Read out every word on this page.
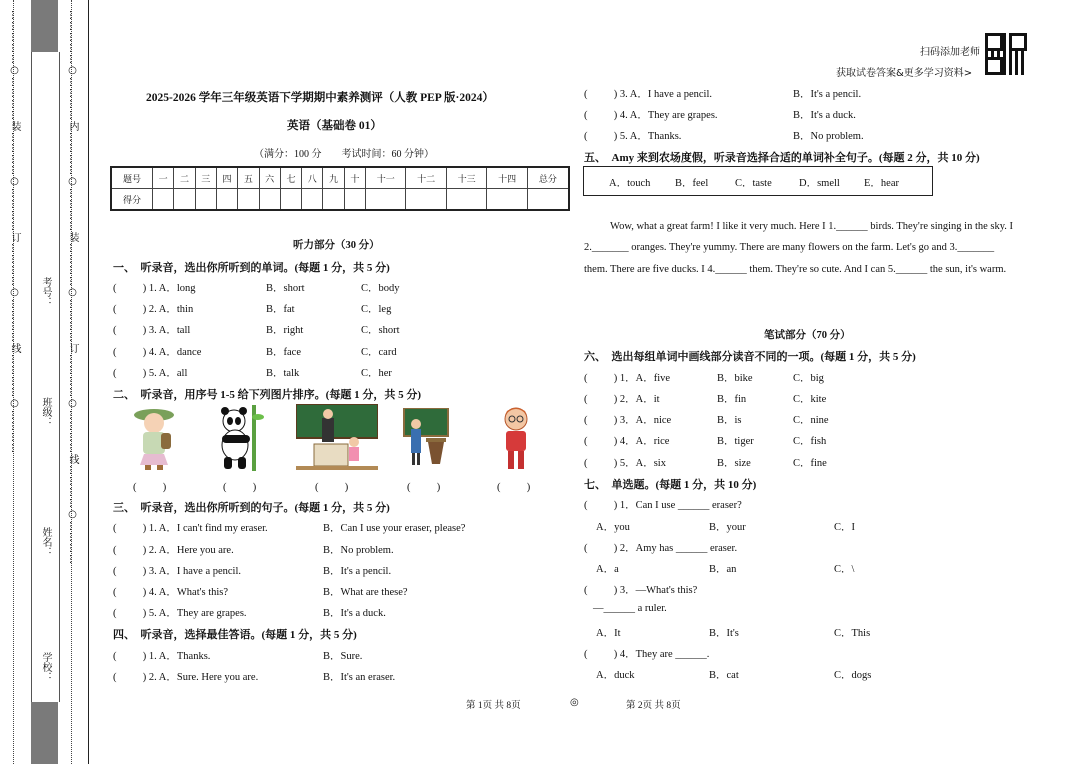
……………○…………装…………○…………订…………○…………线…………○…………
学校：
姓名：
班级：
考号： ……………○…………内…………○…………装…………○…………订…………○…………线…………○…………	扫码添加老师
获取试卷答案&更多学习资料>
2025-2026 学年三年级英语下学期期中素养测评（人教 PEP 版·2024）
英语（基础卷 01）
（满分：100 分　　考试时间：60 分钟）
题号	一	二	三	四	五	六	七	八	九	十	十一	十二	十三	十四	总分
得分															
听力部分（30 分）
一、　听录音，选出你所听到的单词。(每题 1 分，共 5 分)
( 　　 ) 1. A．long	B．short	C．body
( 　　 ) 2. A．thin	B．fat	C．leg
( 　　 ) 3. A．tall	B．right	C．short
( 　　 ) 4. A．dance	B．face	C．card
( 　　 ) 5. A．all	B．talk	C．her
二、　听录音，用序号 1-5 给下列图片排序。(每题 1 分，共 5 分)
( 　　 )	( 　　 )	( 　　 )	( 　　 )	( 　　 )
三、　听录音，选出你所听到的句子。(每题 1 分，共 5 分)
( 　　 ) 1. A．I can't find my eraser.	B．Can I use your eraser, please?
( 　　 ) 2. A．Here you are.	B．No problem.
( 　　 ) 3. A．I have a pencil.	B．It's a pencil.
( 　　 ) 4. A．What's this?	B．What are these?
( 　　 ) 5. A．They are grapes.	B．It's a duck.
四、　听录音，选择最佳答语。(每题 1 分，共 5 分)
( 　　 ) 1. A．Thanks.	B．Sure.
( 　　 ) 2. A．Sure. Here you are.	B．It's an eraser.
( 　　 ) 3. A．I have a pencil.	B．It's a pencil.
( 　　 ) 4. A．They are grapes.	B．It's a duck.
( 　　 ) 5. A．Thanks.	B．No problem.
五、　Amy 来到农场度假，听录音选择合适的单词补全句子。(每题 2 分，共 10 分)
A．touch B．feel	C．taste	D．smell E．hear
Wow, what a great farm! I like it very much. Here I 1.______ birds. They're singing in the sky. I
2._______ oranges. They're yummy. There are many flowers on the farm. Let's go and 3._______
them. There are five ducks. I 4.______ them. They're so cute. And I can 5.______ the sun, it's warm.
笔试部分（70 分）
六、　选出每组单词中画线部分读音不同的一项。(每题 1 分，共 5 分)
( 　　 ) 1．A．five	B．bike	C．big
( 　　 ) 2．A．it	B．fin	C．kite
( 　　 ) 3．A．nice	B．is	C．nine
( 　　 ) 4．A．rice	B．tiger	C．fish
( 　　 ) 5．A．six	B．size	C．fine
七、　单选题。(每题 1 分，共 10 分)
( 　　 ) 1．Can I use ______ eraser?
A．you	B．your	C．I
( 　　 ) 2．Amy has ______ eraser.
A．a	B．an	C．\
( 　　 ) 3．—What's this?
—______ a ruler.
A．It	B．It's	C．This
( 　　 ) 4．They are ______.
A．duck	B．cat	C．dogs
第 1页 共 8页	◎	第 2页 共 8页
